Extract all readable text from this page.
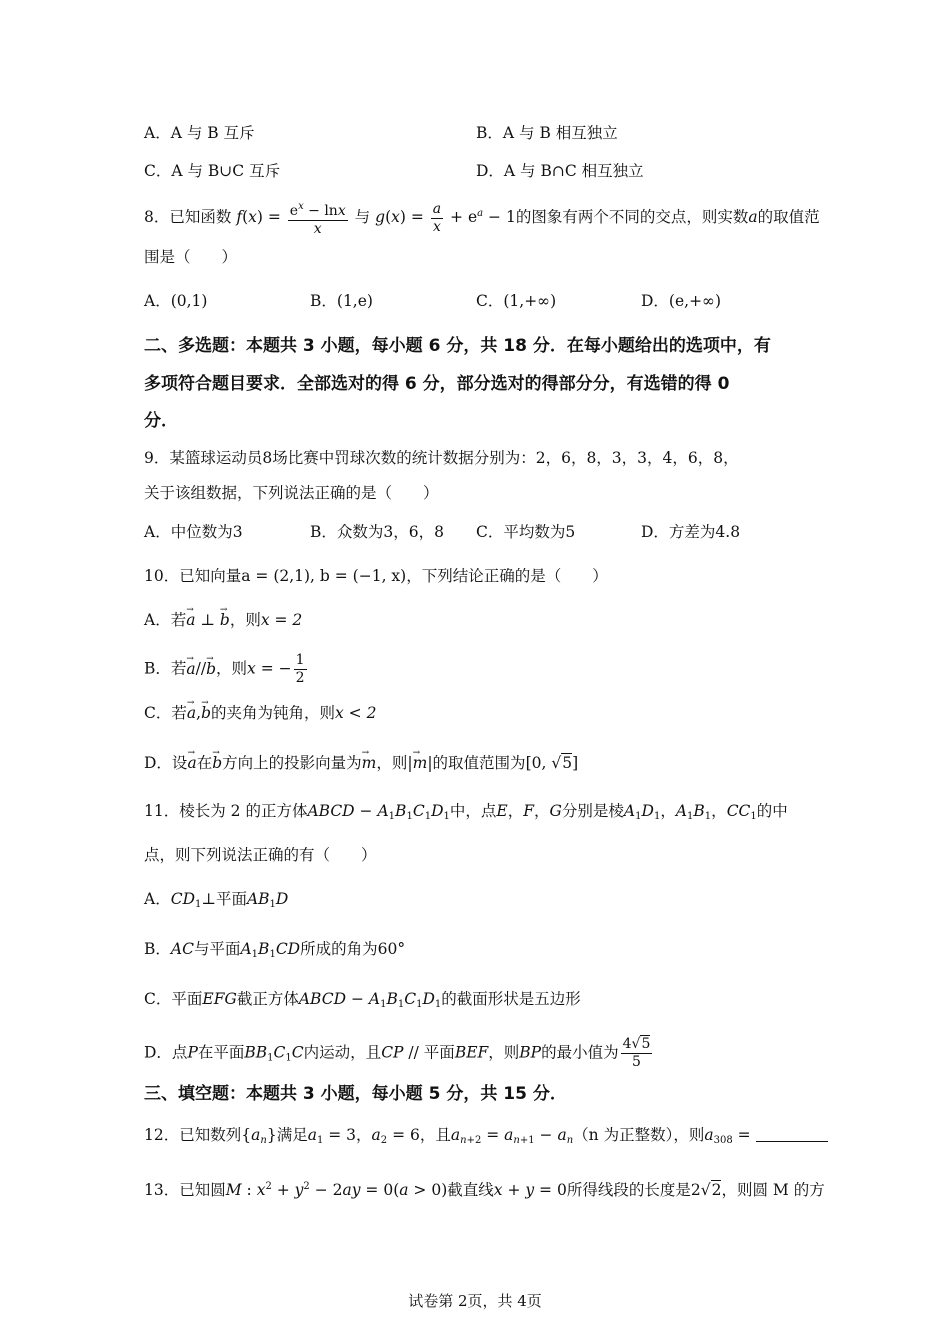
A．A 与 B 互斥	B．A 与 B 相互独立
C．A 与 B∪C 互斥	D．A 与 B∩C 相互独立
8．已知函数 $f(x) = \frac{e^x - \ln x}{x}$ 与 $g(x) = \frac{a}{x} + e^a - 1$的图象有两个不同的交点，则实数a的取值范
围是（　　）
A．(0,1)	B．(1,e)	C．(1,+∞)	D．(e,+∞)
二、多选题：本题共 3 小题，每小题 6 分，共 18 分．在每小题给出的选项中，有
多项符合题目要求．全部选对的得 6 分，部分选对的得部分分，有选错的得 0
分．
9．某篮球运动员8场比赛中罚球次数的统计数据分别为：2，6，8，3，3，4，6，8，
关于该组数据，下列说法正确的是（　　）
A．中位数为3	B．众数为3，6，8 C．平均数为5	D．方差为4.8
10．已知向量a = (2,1), b = (−1, x)，下列结论正确的是（　　）
A．若→ a ⊥ → b，则x = 2
B．若→ a//→ b，则x = − $\frac{1}{2}$
C．若→ a,→ b的夹角为钝角，则x < 2
D．设→ a在→ b方向上的投影向量为→ m，则|→ m|的取值范围为[0, √5]
11．棱长为 2 的正方体ABCD − $A_1B_1C_1D_1$中，点E，F，G分别是棱$A_1D_1$，$A_1B_1$，$CC_1$的中
点，则下列说法正确的有（　　）
A．$CD_1\perp$平面$AB_1D$
B．AC与平面$A_1B_1CD$所成的角为60°
C．平面EFG截正方体ABCD − $A_1B_1C_1D_1$的截面形状是五边形
D．点P在平面$BB_1C_1C$内运动，且CP // 平面BEF，则BP的最小值为 $\frac{4√5}{5}$
三、填空题：本题共 3 小题，每小题 5 分，共 15 分．
12．已知数列$\{a_n\}$满足$a_1 = 3$，$a_2 = 6$，且$a_{n+2} = a_{n+1} - a_n(n$ 为正整数），则$a_{308}$ =
13．已知圆M : $x^2 + y^2 - 2ay = 0(a > 0)$截直线x + y = 0所得线段的长度是2√2，则圆 M 的方
试卷第 2页，共 4页
